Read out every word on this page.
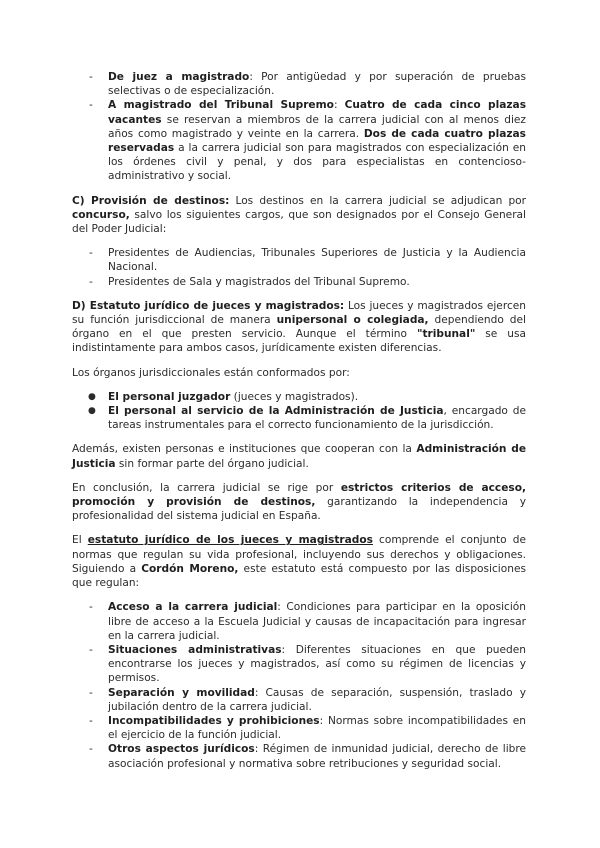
- De juez a magistrado: Por antigüedad y por superación de pruebas selectivas o de especialización.
- A magistrado del Tribunal Supremo: Cuatro de cada cinco plazas vacantes se reservan a miembros de la carrera judicial con al menos diez años como magistrado y veinte en la carrera. Dos de cada cuatro plazas reservadas a la carrera judicial son para magistrados con especialización en los órdenes civil y penal, y dos para especialistas en contencioso-administrativo y social.

C) Provisión de destinos: Los destinos en la carrera judicial se adjudican por concurso, salvo los siguientes cargos, que son designados por el Consejo General del Poder Judicial:

- Presidentes de Audiencias, Tribunales Superiores de Justicia y la Audiencia Nacional.
- Presidentes de Sala y magistrados del Tribunal Supremo.

D) Estatuto jurídico de jueces y magistrados: Los jueces y magistrados ejercen su función jurisdiccional de manera unipersonal o colegiada, dependiendo del órgano en el que presten servicio. Aunque el término "tribunal" se usa indistintamente para ambos casos, jurídicamente existen diferencias.

Los órganos jurisdiccionales están conformados por:

● El personal juzgador (jueces y magistrados).
● El personal al servicio de la Administración de Justicia, encargado de tareas instrumentales para el correcto funcionamiento de la jurisdicción.

Además, existen personas e instituciones que cooperan con la Administración de Justicia sin formar parte del órgano judicial.

En conclusión, la carrera judicial se rige por estrictos criterios de acceso, promoción y provisión de destinos, garantizando la independencia y profesionalidad del sistema judicial en España.

El estatuto jurídico de los jueces y magistrados comprende el conjunto de normas que regulan su vida profesional, incluyendo sus derechos y obligaciones. Siguiendo a Cordón Moreno, este estatuto está compuesto por las disposiciones que regulan:

- Acceso a la carrera judicial: Condiciones para participar en la oposición libre de acceso a la Escuela Judicial y causas de incapacitación para ingresar en la carrera judicial.
- Situaciones administrativas: Diferentes situaciones en que pueden encontrarse los jueces y magistrados, así como su régimen de licencias y permisos.
- Separación y movilidad: Causas de separación, suspensión, traslado y jubilación dentro de la carrera judicial.
- Incompatibilidades y prohibiciones: Normas sobre incompatibilidades en el ejercicio de la función judicial.
- Otros aspectos jurídicos: Régimen de inmunidad judicial, derecho de libre asociación profesional y normativa sobre retribuciones y seguridad social.
